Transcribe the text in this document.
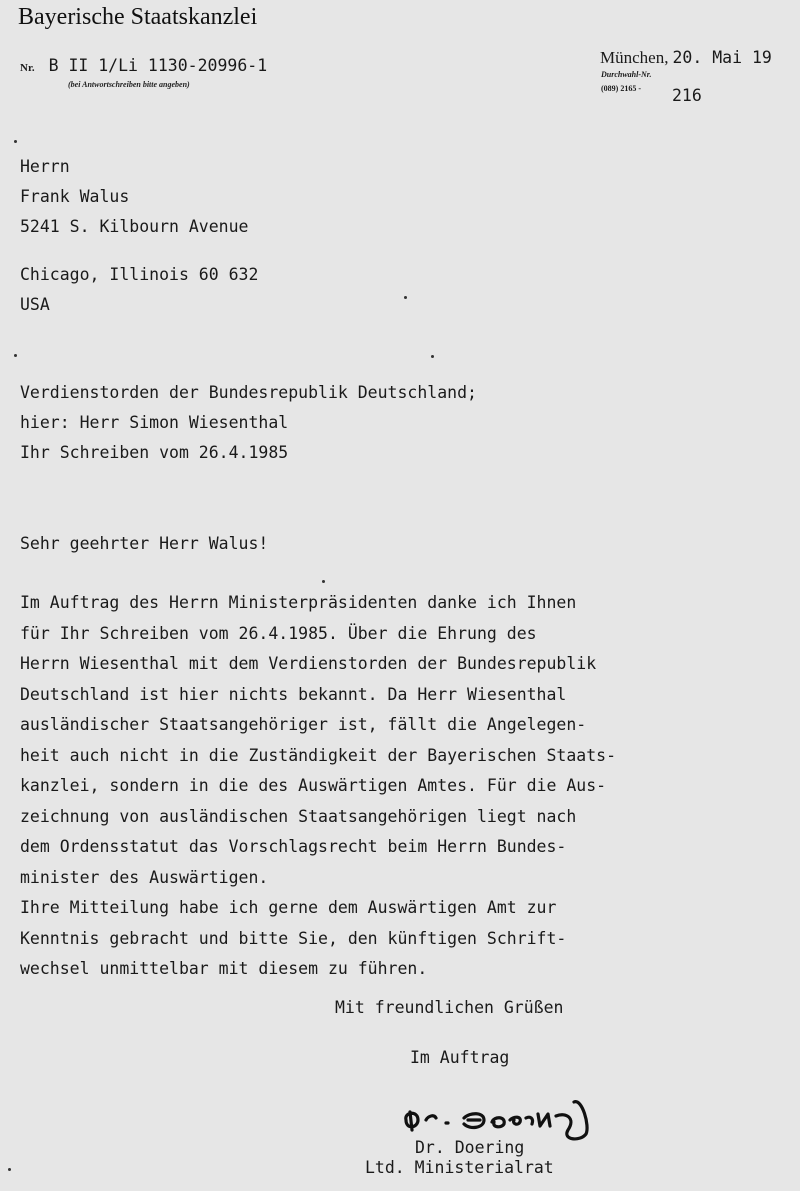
Bayerische Staatskanzlei
Nr. B II 1/Li 1130-20996-1
(bei Antwortschreiben bitte angeben)
München, 20. Mai 19
Durchwahl-Nr.
(089) 2165 - 216
Herrn
Frank Walus
5241 S. Kilbourn Avenue
Chicago, Illinois 60 632
USA
Verdienstorden der Bundesrepublik Deutschland;
hier: Herr Simon Wiesenthal
Ihr Schreiben vom 26.4.1985
Sehr geehrter Herr Walus!
Im Auftrag des Herrn Ministerpräsidenten danke ich Ihnen
für Ihr Schreiben vom 26.4.1985. Über die Ehrung des
Herrn Wiesenthal mit dem Verdienstorden der Bundesrepublik
Deutschland ist hier nichts bekannt. Da Herr Wiesenthal
ausländischer Staatsangehöriger ist, fällt die Angelegen-
heit auch nicht in die Zuständigkeit der Bayerischen Staats-
kanzlei, sondern in die des Auswärtigen Amtes. Für die Aus-
zeichnung von ausländischen Staatsangehörigen liegt nach
dem Ordensstatut das Vorschlagsrecht beim Herrn Bundes-
minister des Auswärtigen.
Ihre Mitteilung habe ich gerne dem Auswärtigen Amt zur
Kenntnis gebracht und bitte Sie, den künftigen Schrift-
wechsel unmittelbar mit diesem zu führen.
Mit freundlichen Grüßen
Im Auftrag
Dr. Doering
Ltd. Ministerialrat
